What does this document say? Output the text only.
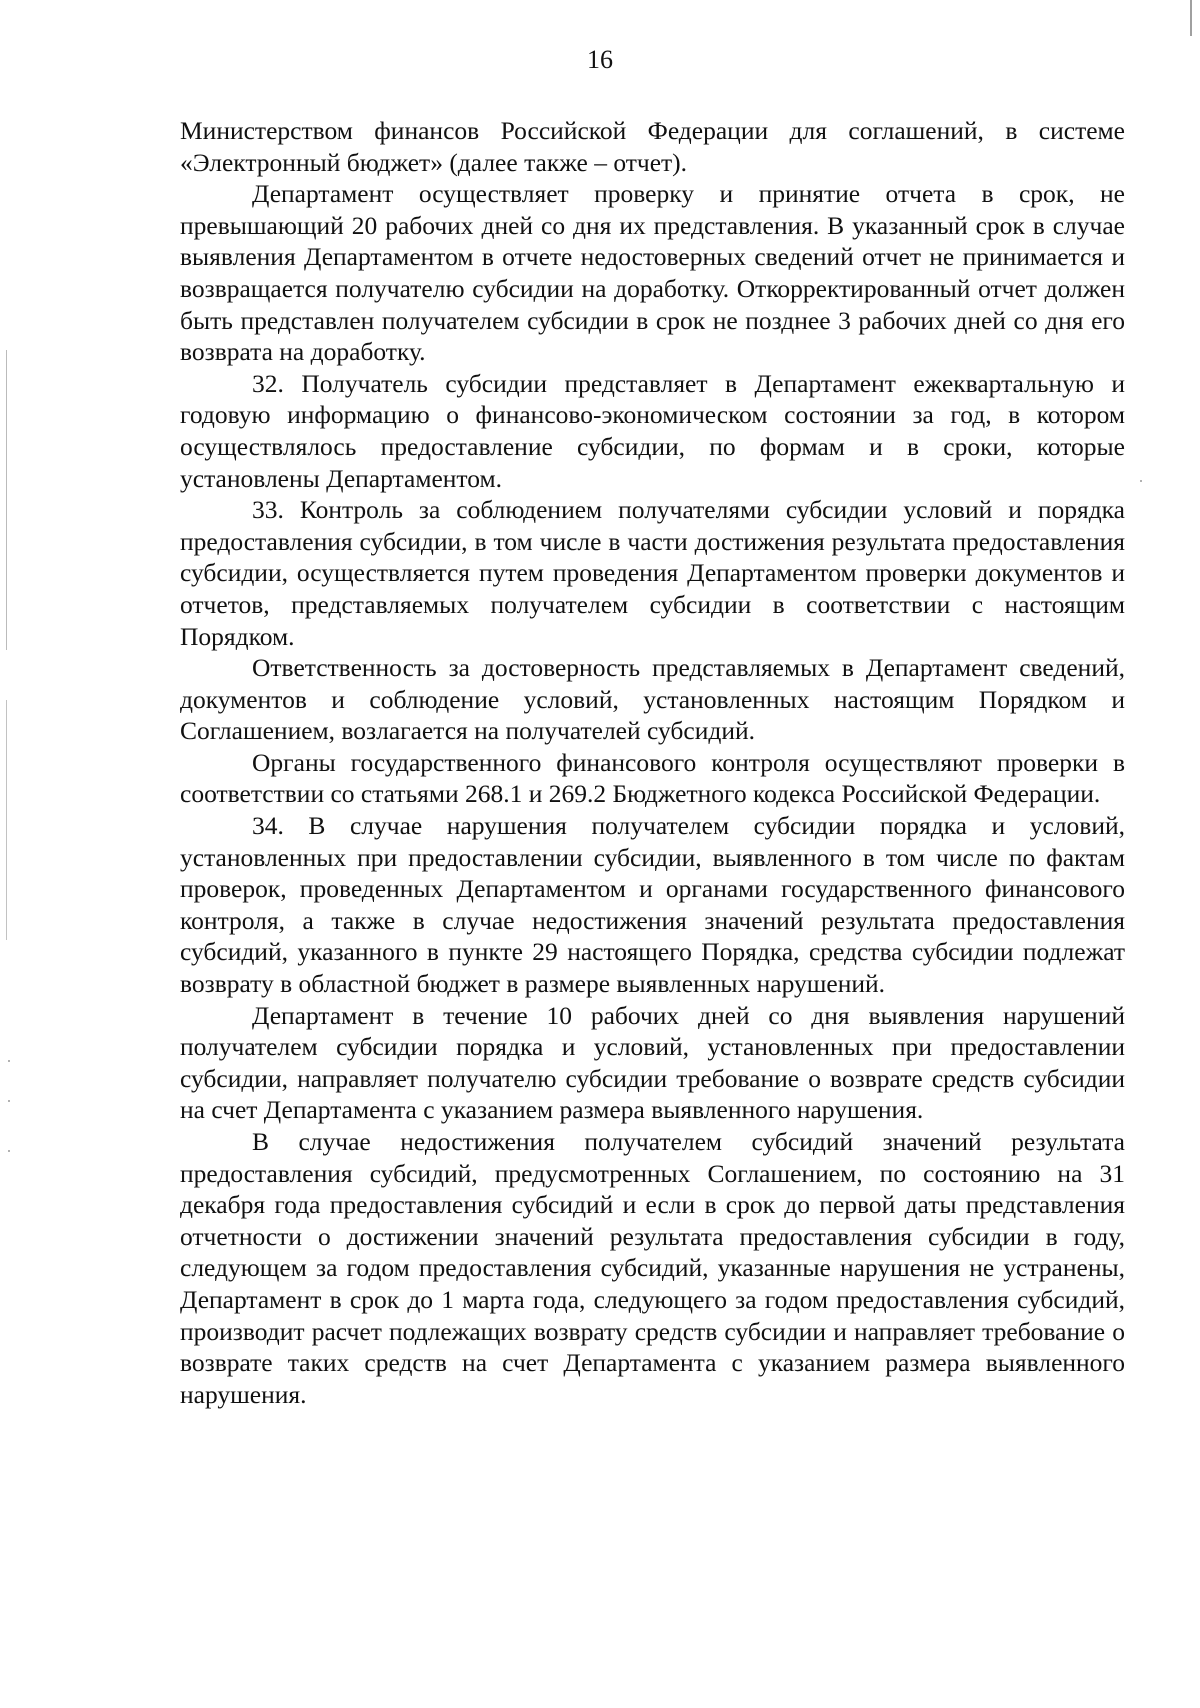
16

Министерством финансов Российской Федерации для соглашений, в системе «Электронный бюджет» (далее также – отчет).

Департамент осуществляет проверку и принятие отчета в срок, не превышающий 20 рабочих дней со дня их представления. В указанный срок в случае выявления Департаментом в отчете недостоверных сведений отчет не принимается и возвращается получателю субсидии на доработку. Откорректированный отчет должен быть представлен получателем субсидии в срок не позднее 3 рабочих дней со дня его возврата на доработку.

32. Получатель субсидии представляет в Департамент ежеквартальную и годовую информацию о финансово-экономическом состоянии за год, в котором осуществлялось предоставление субсидии, по формам и в сроки, которые установлены Департаментом.

33. Контроль за соблюдением получателями субсидии условий и порядка предоставления субсидии, в том числе в части достижения результата предоставления субсидии, осуществляется путем проведения Департаментом проверки документов и отчетов, представляемых получателем субсидии в соответствии с настоящим Порядком.

Ответственность за достоверность представляемых в Департамент сведений, документов и соблюдение условий, установленных настоящим Порядком и Соглашением, возлагается на получателей субсидий.

Органы государственного финансового контроля осуществляют проверки в соответствии со статьями 268.1 и 269.2 Бюджетного кодекса Российской Федерации.

34. В случае нарушения получателем субсидии порядка и условий, установленных при предоставлении субсидии, выявленного в том числе по фактам проверок, проведенных Департаментом и органами государственного финансового контроля, а также в случае недостижения значений результата предоставления субсидий, указанного в пункте 29 настоящего Порядка, средства субсидии подлежат возврату в областной бюджет в размере выявленных нарушений.

Департамент в течение 10 рабочих дней со дня выявления нарушений получателем субсидии порядка и условий, установленных при предоставлении субсидии, направляет получателю субсидии требование о возврате средств субсидии на счет Департамента с указанием размера выявленного нарушения.

В случае недостижения получателем субсидий значений результата предоставления субсидий, предусмотренных Соглашением, по состоянию на 31 декабря года предоставления субсидий и если в срок до первой даты представления отчетности о достижении значений результата предоставления субсидии в году, следующем за годом предоставления субсидий, указанные нарушения не устранены, Департамент в срок до 1 марта года, следующего за годом предоставления субсидий, производит расчет подлежащих возврату средств субсидии и направляет требование о возврате таких средств на счет Департамента с указанием размера выявленного нарушения.
